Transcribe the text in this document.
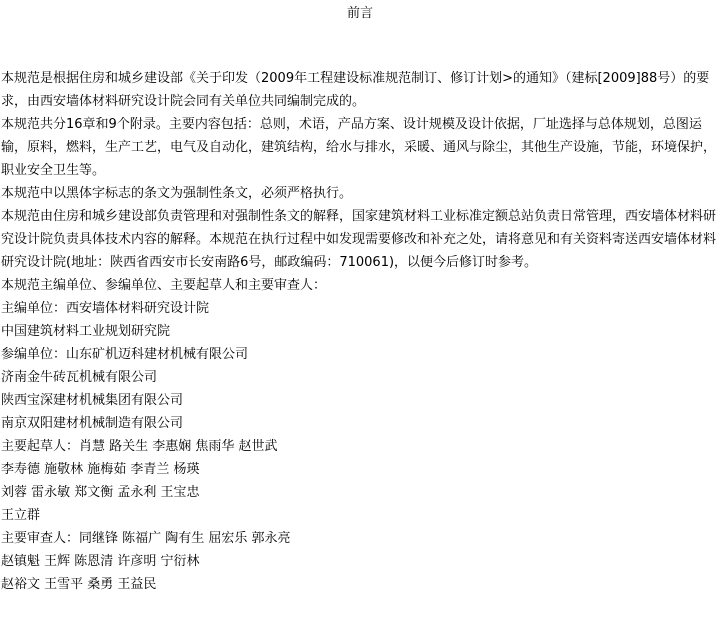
前言

本规范是根据住房和城乡建设部《关于印发（2009年工程建设标准规范制订、修订计划>的通知》（建标[2009]88号）的要求，由西安墙体材料研究设计院会同有关单位共同编制完成的。

本规范共分16章和9个附录。主要内容包括：总则，术语，产品方案、设计规模及设计依据，厂址选择与总体规划，总图运输，原料，燃料，生产工艺，电气及自动化，建筑结构，给水与排水，采暖、通风与除尘，其他生产设施，节能，环境保护，职业安全卫生等。

本规范中以黑体字标志的条文为强制性条文，必须严格执行。

本规范由住房和城乡建设部负责管理和对强制性条文的解释，国家建筑材料工业标准定额总站负责日常管理，西安墙体材料研究设计院负责具体技术内容的解释。本规范在执行过程中如发现需要修改和补充之处，请将意见和有关资料寄送西安墙体材料研究设计院(地址：陕西省西安市长安南路6号，邮政编码：710061)，以便今后修订时参考。

本规范主编单位、参编单位、主要起草人和主要审查人：

主编单位：西安墙体材料研究设计院

中国建筑材料工业规划研究院

参编单位：山东矿机迈科建材机械有限公司

济南金牛砖瓦机械有限公司

陕西宝深建材机械集团有限公司

南京双阳建材机械制造有限公司

主要起草人：肖慧 路关生 李惠娴 焦雨华 赵世武

李寿德 施敬林 施梅茹 李青兰 杨瑛

刘蓉 雷永敏 郑文衡 孟永利 王宝忠

王立群

主要审查人：同继锋 陈福广 陶有生 屈宏乐 郭永亮

赵镇魁 王辉 陈恩清 许彦明 宁衍林

赵裕文 王雪平 桑勇 王益民
